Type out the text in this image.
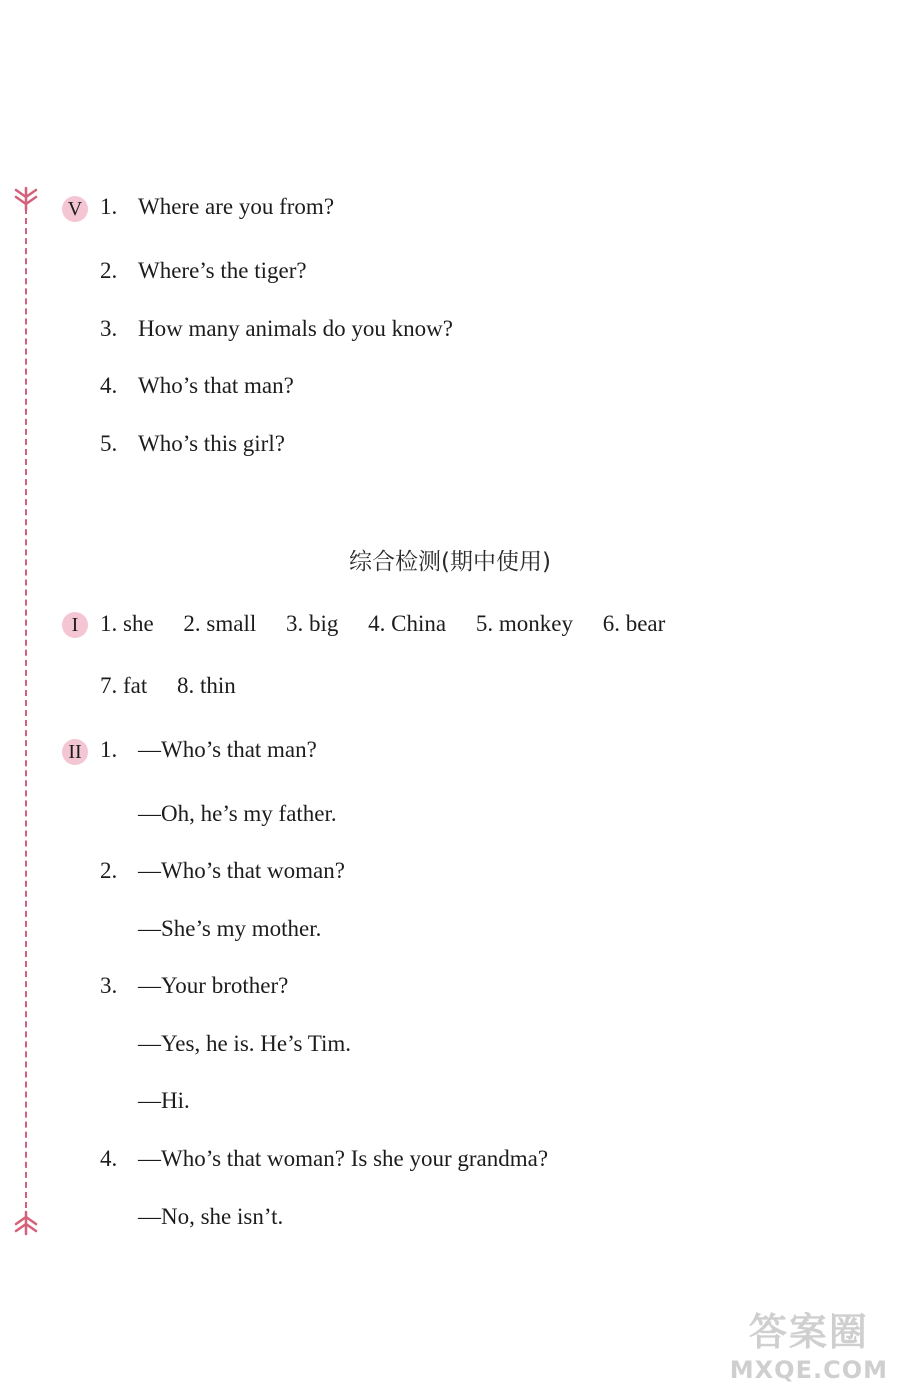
V 1. Where are you from?
2. Where’s the tiger?
3. How many animals do you know?
4. Who’s that man?
5. Who’s this girl?
综合检测(期中使用)
I 1. she 2. small 3. big 4. China 5. monkey 6. bear
7. fat 8. thin
II 1. —Who’s that man?
—Oh, he’s my father.
2. —Who’s that woman?
—She’s my mother.
3. —Your brother?
—Yes, he is. He’s Tim.
—Hi.
4. —Who’s that woman? Is she your grandma?
—No, she isn’t.
答案圈
MXQE.COM
